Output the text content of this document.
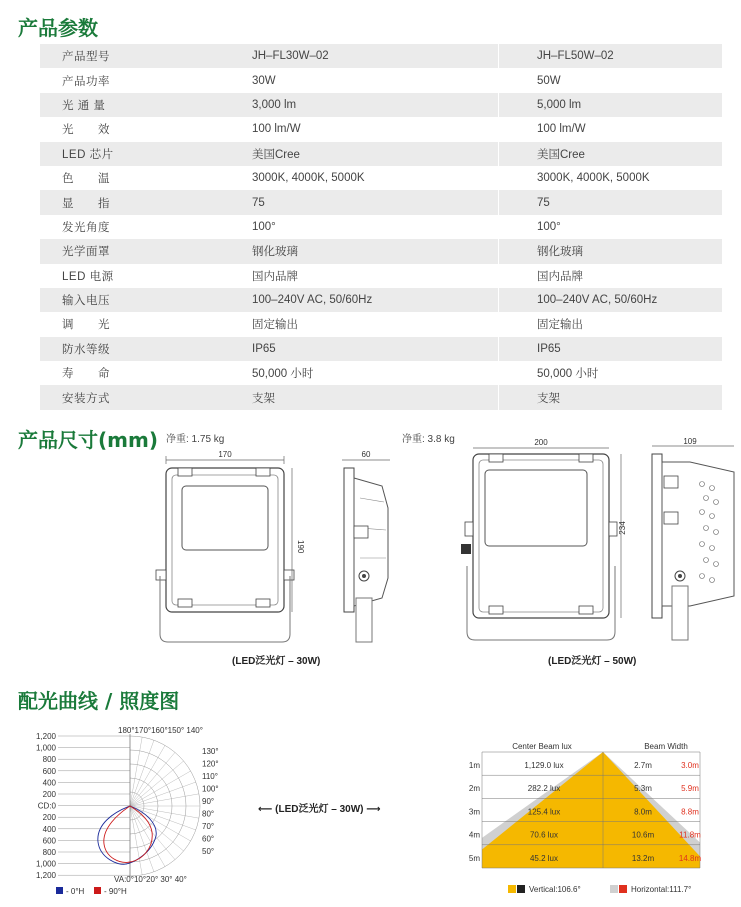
产品参数
产品型号	JH–FL30W–02	JH–FL50W–02
产品功率	30W	50W
光 通 量	3,000 lm	5,000 lm
光　　效	100 lm/W	100 lm/W
LED 芯片	美国Cree	美国Cree
色　　温	3000K, 4000K, 5000K	3000K, 4000K, 5000K
显　　指	75	75
发光角度	100°	100°
光学面罩	钢化玻璃	钢化玻璃
LED 电源	国内品牌	国内品牌
输入电压	100–240V AC, 50/60Hz	100–240V AC, 50/60Hz
调　　光	固定输出	固定输出
防水等级	IP65	IP65
寿　　命	50,000 小时	50,000 小时
安装方式	支架	支架
产品尺寸(mm) 净重: 1.75 kg	净重: 3.8 kg
170
190
60
(LED泛光灯 – 30W)
200
234
109
(LED泛光灯 – 50W)
配光曲线 / 照度图
1,200
1,000
800
600
400
200
CD:0
200
400
600
800
1,000
1,200
180°170°160°150° 140°
130°
120°
110°
100°
90°
80°
70°
60°
50°
VA:0°10°20° 30° 40°
- 0°H - 90°H
⟵ (LED泛光灯 – 30W) ⟶
Center Beam lux	Beam Width
1m	1,129.0 lux	2.7m	3.0m
2m	282.2 lux	5.3m	5.9m
3m	125.4 lux	8.0m	8.8m
4m	70.6 lux	10.6m	11.8m
5m	45.2 lux	13.2m	14.8m
Vertical:106.6°	Horizontal:111.7°
